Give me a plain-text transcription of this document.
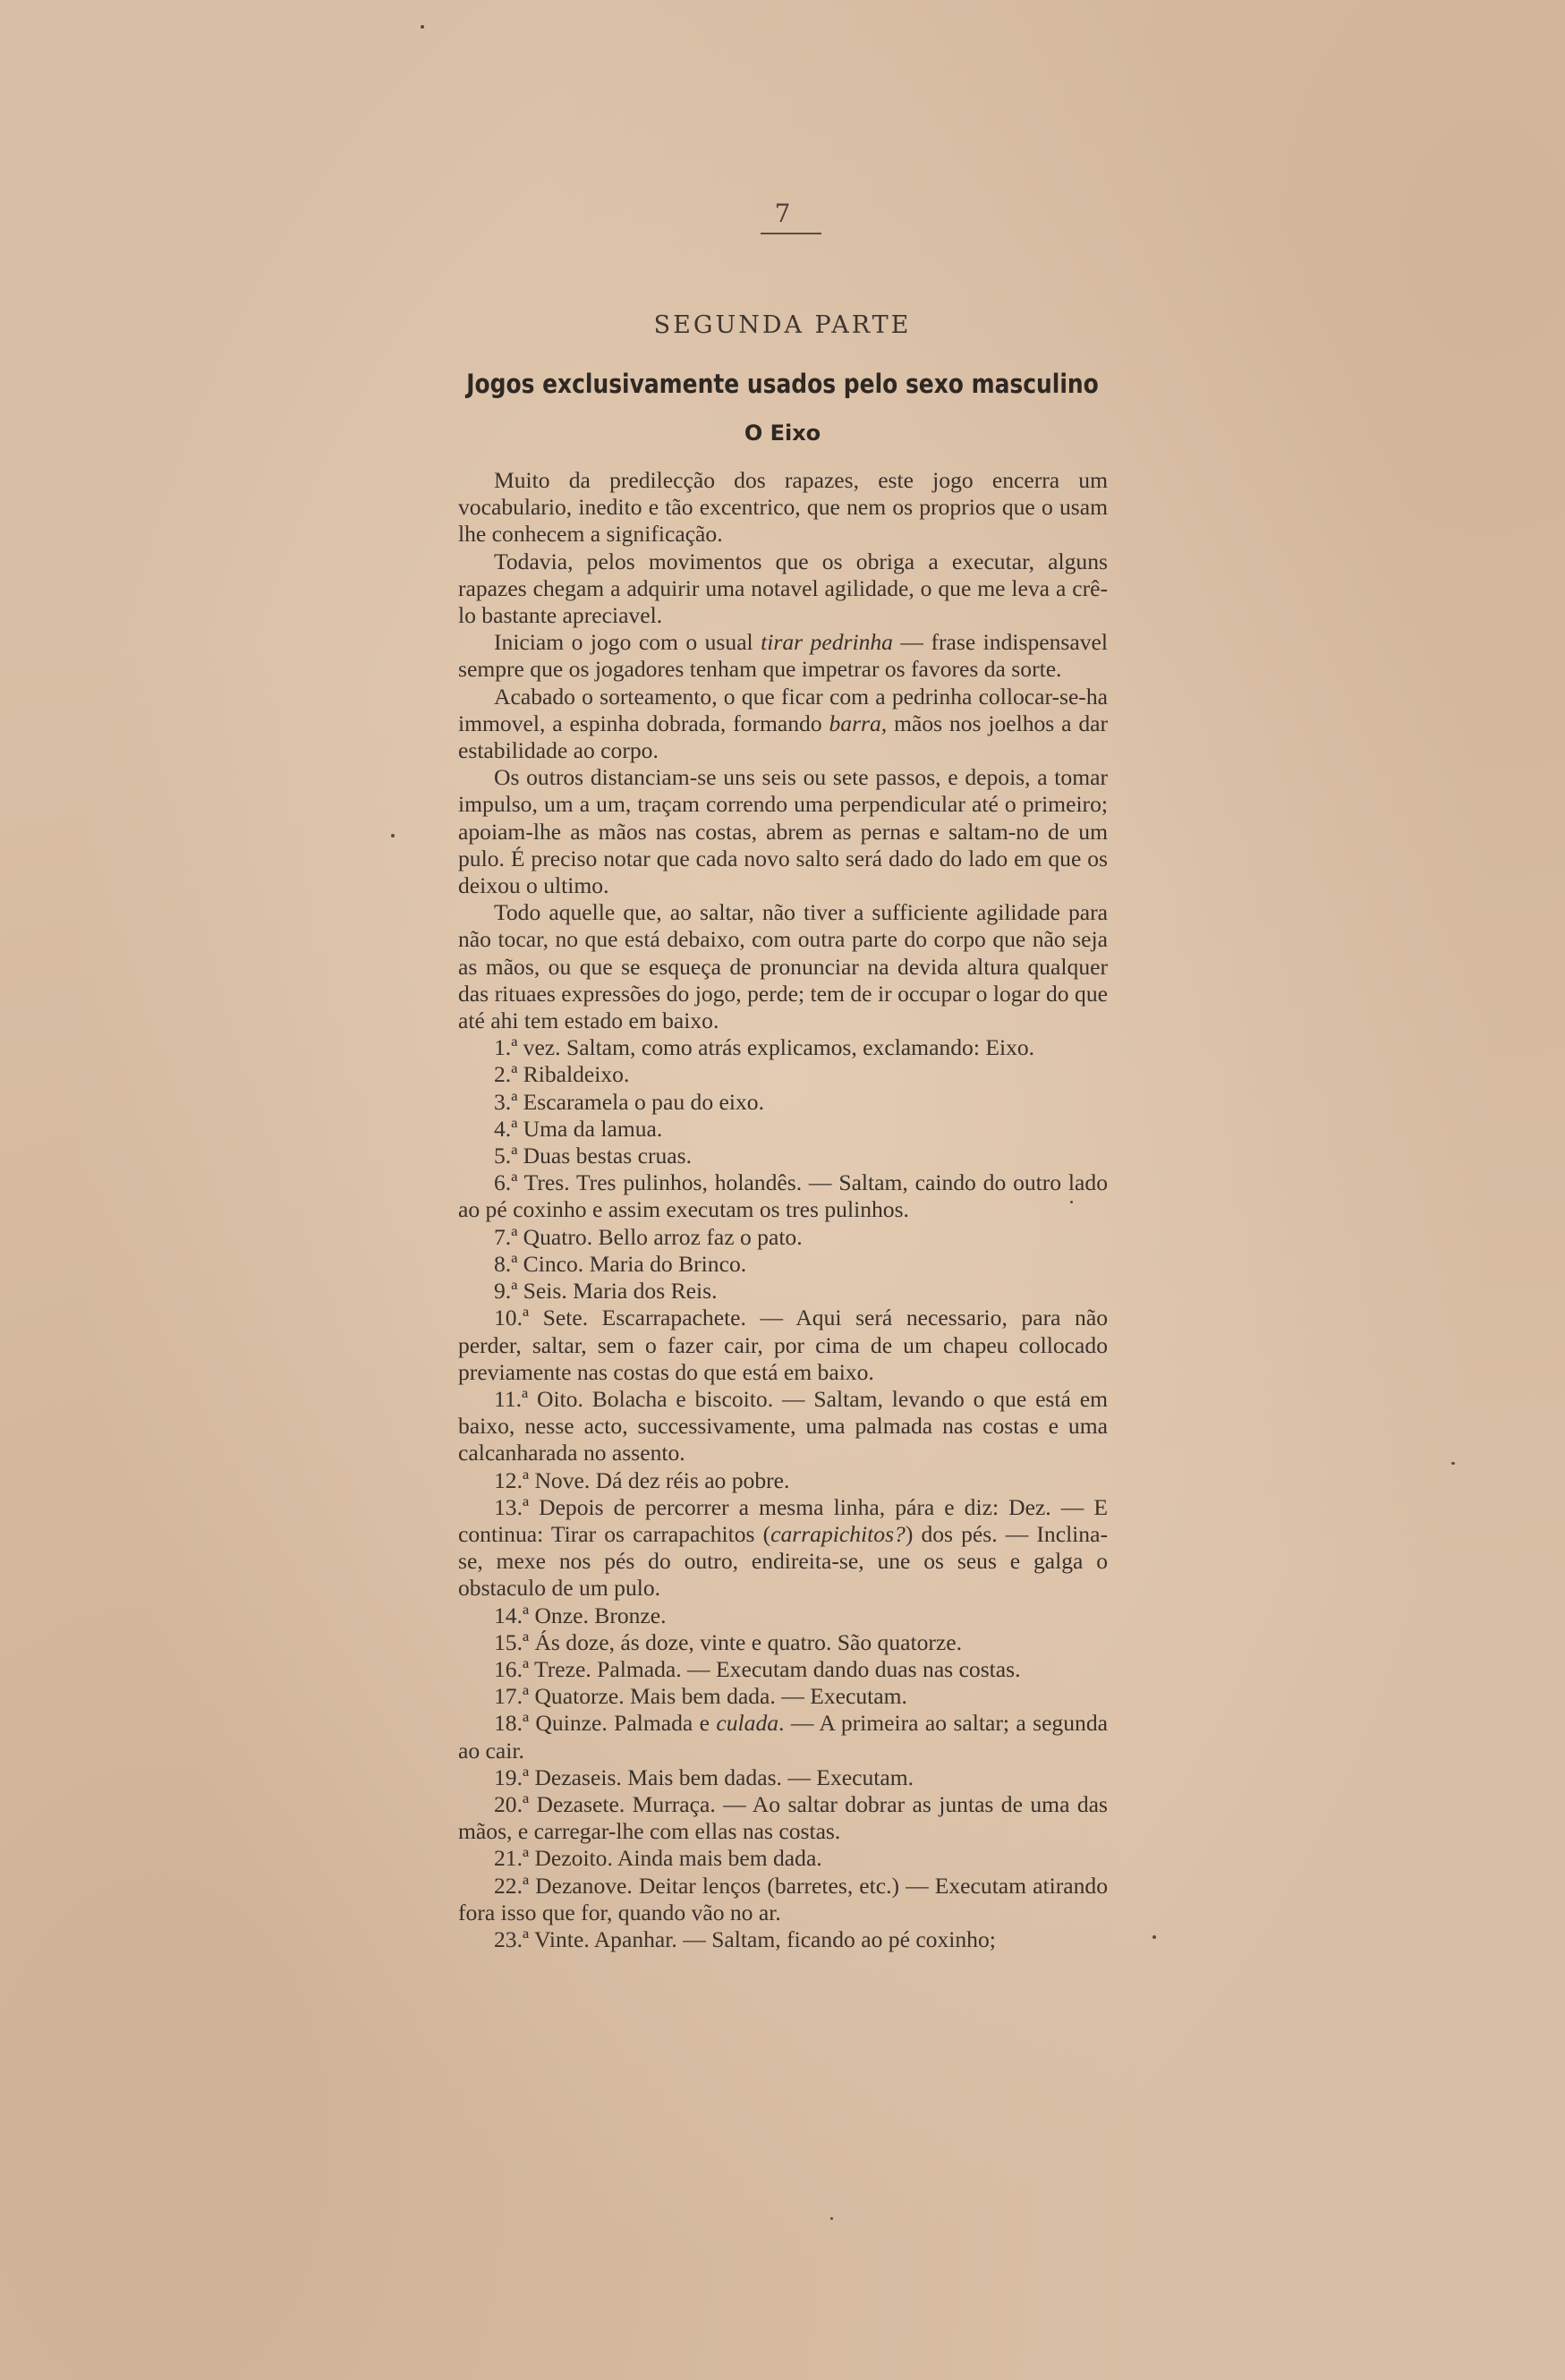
7
SEGUNDA PARTE
Jogos exclusivamente usados pelo sexo masculino
O Eixo

Muito da predilecção dos rapazes, este jogo encerra um vocabulario, inedito e tão excentrico, que nem os proprios que o usam lhe conhecem a significação.

Todavia, pelos movimentos que os obriga a executar, alguns rapazes chegam a adquirir uma notavel agilidade, o que me leva a crê-lo bastante apreciavel.

Iniciam o jogo com o usual tirar pedrinha — frase indispensavel sempre que os jogadores tenham que impetrar os favores da sorte.

Acabado o sorteamento, o que ficar com a pedrinha collocar-se-ha immovel, a espinha dobrada, formando barra, mãos nos joelhos a dar estabilidade ao corpo.

Os outros distanciam-se uns seis ou sete passos, e depois, a tomar impulso, um a um, traçam correndo uma perpendicular até o primeiro; apoiam-lhe as mãos nas costas, abrem as pernas e saltam-no de um pulo. É preciso notar que cada novo salto será dado do lado em que os deixou o ultimo.

Todo aquelle que, ao saltar, não tiver a sufficiente agilidade para não tocar, no que está debaixo, com outra parte do corpo que não seja as mãos, ou que se esqueça de pronunciar na devida altura qualquer das rituaes expressões do jogo, perde; tem de ir occupar o logar do que até ahi tem estado em baixo.

1.ª vez. Saltam, como atrás explicamos, exclamando: Eixo.

2.ª Ribaldeixo.

3.ª Escaramela o pau do eixo.

4.ª Uma da lamua.

5.ª Duas bestas cruas.

6.ª Tres. Tres pulinhos, holandês. — Saltam, caindo do outro lado ao pé coxinho e assim executam os tres pulinhos.

7.ª Quatro. Bello arroz faz o pato.

8.ª Cinco. Maria do Brinco.

9.ª Seis. Maria dos Reis.

10.ª Sete. Escarrapachete. — Aqui será necessario, para não perder, saltar, sem o fazer cair, por cima de um chapeu collocado previamente nas costas do que está em baixo.

11.ª Oito. Bolacha e biscoito. — Saltam, levando o que está em baixo, nesse acto, successivamente, uma palmada nas costas e uma calcanharada no assento.

12.ª Nove. Dá dez réis ao pobre.

13.ª Depois de percorrer a mesma linha, pára e diz: Dez. — E continua: Tirar os carrapachitos (carrapichitos?) dos pés. — Inclina-se, mexe nos pés do outro, endireita-se, une os seus e galga o obstaculo de um pulo.

14.ª Onze. Bronze.

15.ª Ás doze, ás doze, vinte e quatro. São quatorze.

16.ª Treze. Palmada. — Executam dando duas nas costas.

17.ª Quatorze. Mais bem dada. — Executam.

18.ª Quinze. Palmada e culada. — A primeira ao saltar; a segunda ao cair.

19.ª Dezaseis. Mais bem dadas. — Executam.

20.ª Dezasete. Murraça. — Ao saltar dobrar as juntas de uma das mãos, e carregar-lhe com ellas nas costas.

21.ª Dezoito. Ainda mais bem dada.

22.ª Dezanove. Deitar lenços (barretes, etc.) — Executam atirando fora isso que for, quando vão no ar.

23.ª Vinte. Apanhar. — Saltam, ficando ao pé coxinho;
